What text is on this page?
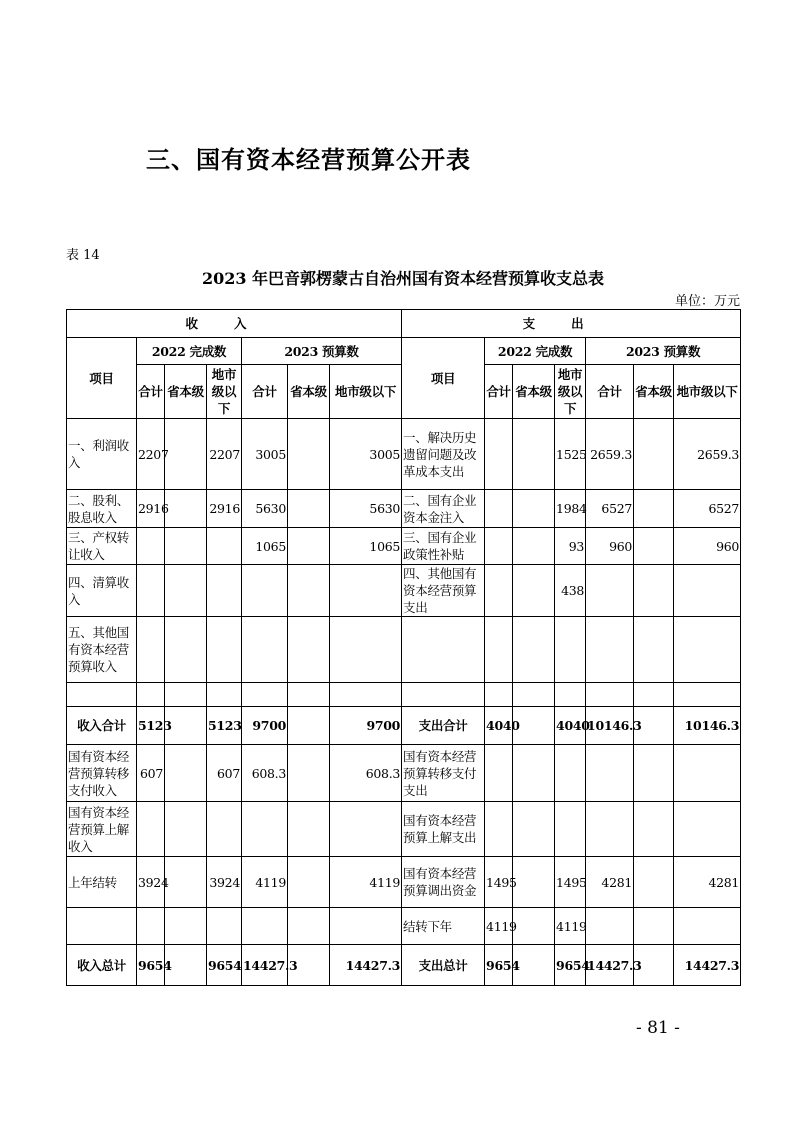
三、国有资本经营预算公开表
表 14
2023 年巴音郭楞蒙古自治州国有资本经营预算收支总表
单位：万元
收入							支出						
项目	2022 完成数			2023 预算数			项目	2022 完成数			2023 预算数		
	合计	省本级	地市级以下	合计	省本级	地市级以下		合计	省本级	地市级以下	合计	省本级	地市级以下
一、利润收入	2207		2207	3005		3005	一、解决历史遗留问题及改革成本支出			1525	2659.3		2659.3
二、股利、股息收入	2916		2916	5630		5630	二、国有企业资本金注入			1984	6527		6527
三、产权转让收入				1065		1065	三、国有企业政策性补贴			93	960		960
四、清算收入							四、其他国有资本经营预算支出			438			
五、其他国有资本经营预算收入													

收入合计	5123		5123	9700		9700	支出合计	4040		4040	10146.3		10146.3
国有资本经营预算转移支付收入	607		607	608.3		608.3	国有资本经营预算转移支付支出						
国有资本经营预算上解收入							国有资本经营预算上解支出						
上年结转	3924		3924	4119		4119	国有资本经营预算调出资金	1495		1495	4281		4281
							结转下年	4119		4119			
收入总计	9654		9654	14427.3		14427.3	支出总计	9654		9654	14427.3		14427.3
- 81 -
